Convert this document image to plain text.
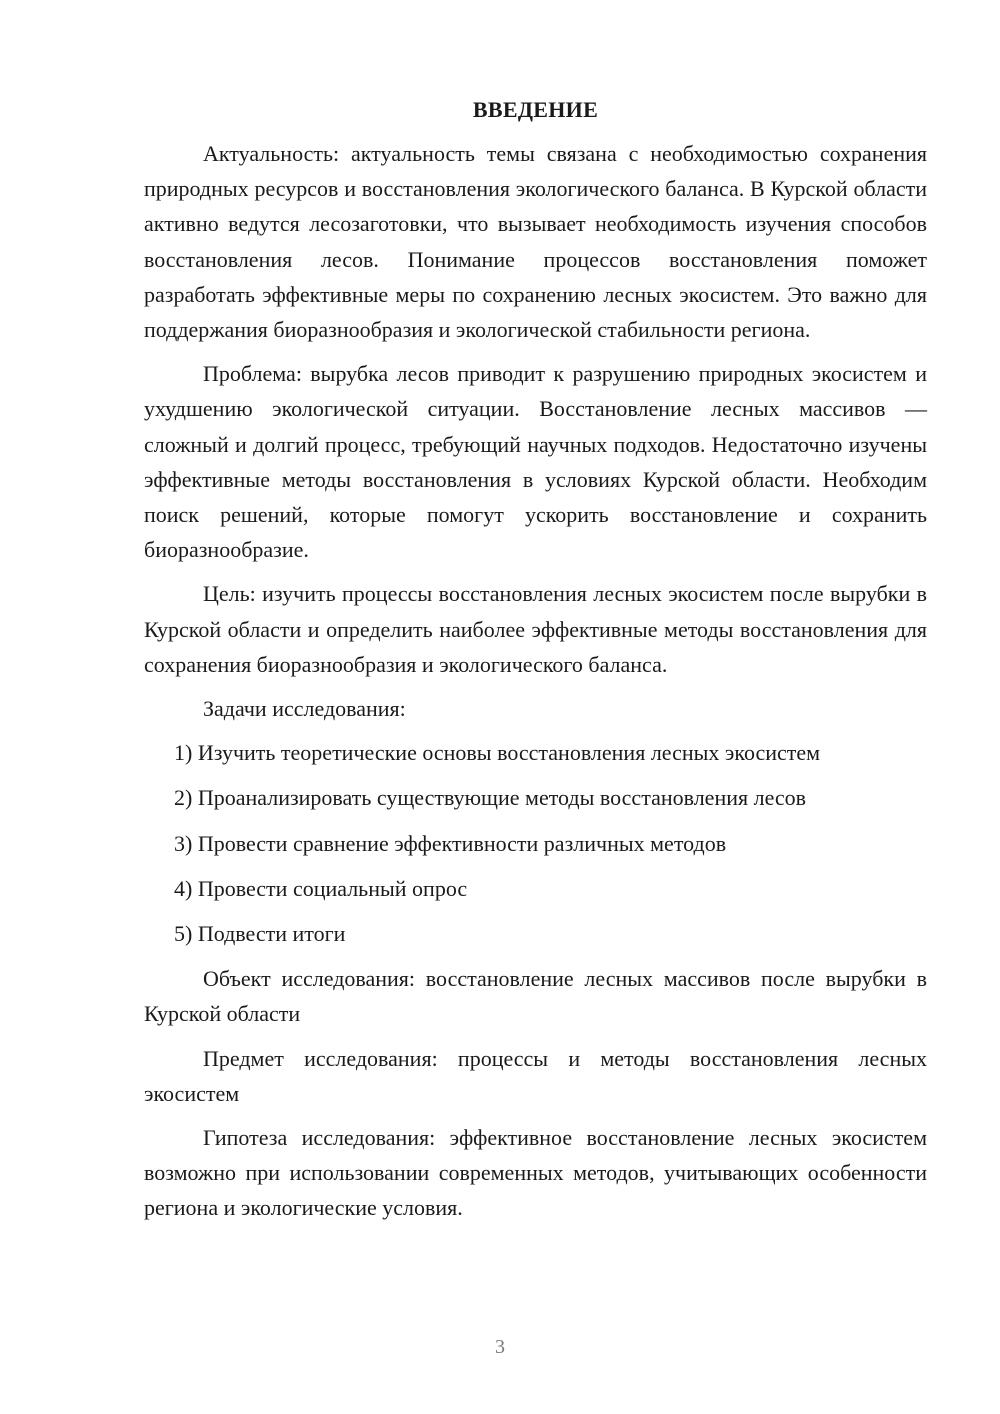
ВВЕДЕНИЕ

Актуальность: актуальность темы связана с необходимостью сохранения природных ресурсов и восстановления экологического баланса. В Курской области активно ведутся лесозаготовки, что вызывает необходимость изучения способов восстановления лесов. Понимание процессов восстановления поможет разработать эффективные меры по сохранению лесных экосистем. Это важно для поддержания биоразнообразия и экологической стабильности региона.

Проблема: вырубка лесов приводит к разрушению природных экосистем и ухудшению экологической ситуации. Восстановление лесных массивов — сложный и долгий процесс, требующий научных подходов. Недостаточно изучены эффективные методы восстановления в условиях Курской области. Необходим поиск решений, которые помогут ускорить восстановление и сохранить биоразнообразие.

Цель: изучить процессы восстановления лесных экосистем после вырубки в Курской области и определить наиболее эффективные методы восстановления для сохранения биоразнообразия и экологического баланса.

Задачи исследования:

1) Изучить теоретические основы восстановления лесных экосистем
2) Проанализировать существующие методы восстановления лесов
3) Провести сравнение эффективности различных методов
4) Провести социальный опрос
5) Подвести итоги

Объект исследования: восстановление лесных массивов после вырубки в Курской области

Предмет исследования: процессы и методы восстановления лесных экосистем

Гипотеза исследования: эффективное восстановление лесных экосистем возможно при использовании современных методов, учитывающих особенности региона и экологические условия.

3
